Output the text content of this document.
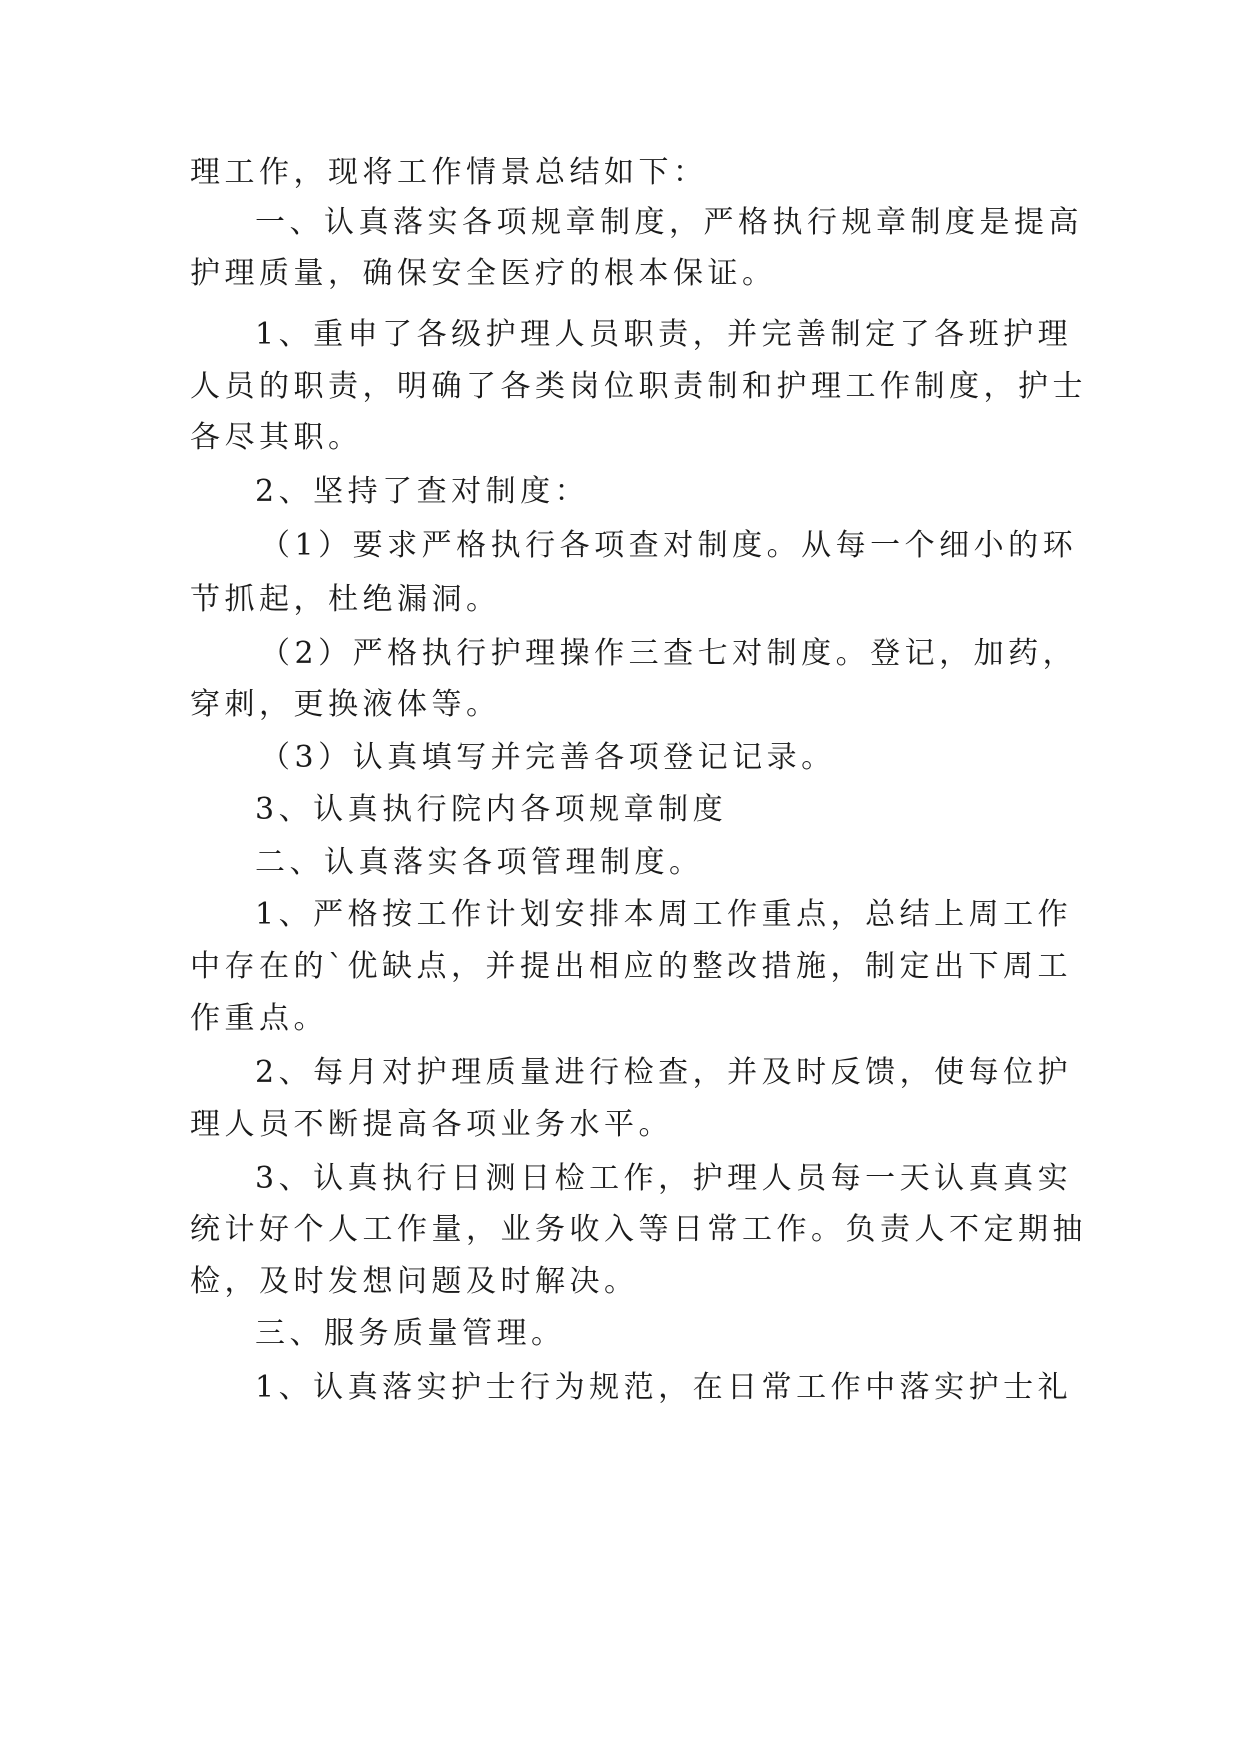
理工作，现将工作情景总结如下：
一、认真落实各项规章制度，严格执行规章制度是提高
护理质量，确保安全医疗的根本保证。
1、重申了各级护理人员职责，并完善制定了各班护理
人员的职责，明确了各类岗位职责制和护理工作制度，护士
各尽其职。
2、坚持了查对制度：
（1）要求严格执行各项查对制度。从每一个细小的环
节抓起，杜绝漏洞。
（2）严格执行护理操作三查七对制度。登记，加药，
穿刺，更换液体等。
（3）认真填写并完善各项登记记录。
3、认真执行院内各项规章制度
二、认真落实各项管理制度。
1、严格按工作计划安排本周工作重点，总结上周工作
中存在的`优缺点，并提出相应的整改措施，制定出下周工
作重点。
2、每月对护理质量进行检查，并及时反馈，使每位护
理人员不断提高各项业务水平。
3、认真执行日测日检工作，护理人员每一天认真真实
统计好个人工作量，业务收入等日常工作。负责人不定期抽
检，及时发想问题及时解决。
三、服务质量管理。
1、认真落实护士行为规范，在日常工作中落实护士礼
